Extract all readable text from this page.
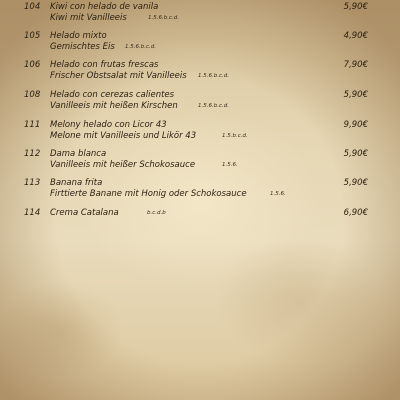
104	Kiwi con helado de vanila
Kiwi mit Vanilleeis	1.5.6.b.c.d.
5,90€
105	Helado mixto
Gemischtes Eis 1.5.6.b.c.d.
4,90€
106	Helado con frutas frescas
Frischer Obstsalat mit Vanilleeis 1.5.6.b.c.d.
7,90€
108	Helado con cerezas calientes
Vanilleeis mit heißen Kirschen	1.5.6.b.c.d.
5,90€
111	Melony helado con Licor 43
Melone mit Vanilleeis und Likör 43	1.5.b.c.d.
9,90€
112	Dama blanca
Vanilleeis mit heißer Schokosauce	1.5.6.
5,90€
113	Banana frita
Firttierte Banane mit Honig oder Schokosauce	1.5.6.
5,90€
114	Crema Catalana	b.c.d.b	6,90€
